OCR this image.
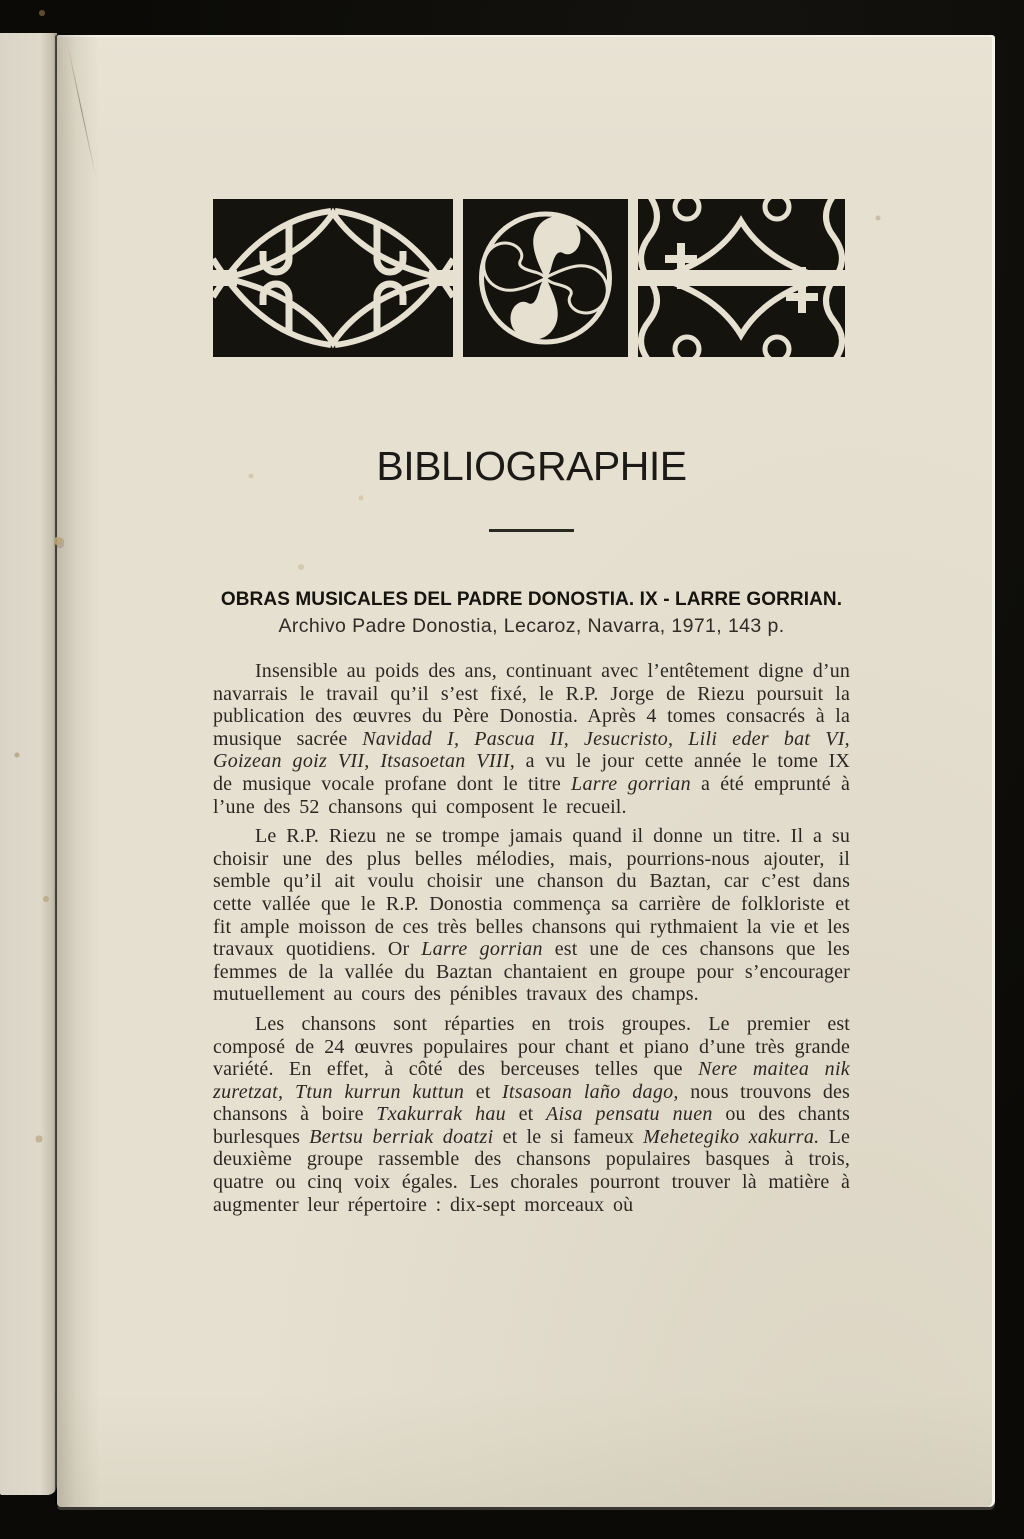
BIBLIOGRAPHIE
OBRAS MUSICALES DEL PADRE DONOSTIA. IX - LARRE GORRIAN.
Archivo Padre Donostia, Lecaroz, Navarra, 1971, 143 p.

Insensible au poids des ans, continuant avec l’entêtement digne d’un navarrais le travail qu’il s’est fixé, le R.P. Jorge de Riezu poursuit la publication des œuvres du Père Donostia. Après 4 tomes consacrés à la musique sacrée Navidad I, Pascua II, Jesucristo, Lili eder bat VI, Goizean goiz VII, Itsasoetan VIII, a vu le jour cette année le tome IX de musique vocale profane dont le titre Larre gorrian a été emprunté à l’une des 52 chansons qui composent le recueil.

Le R.P. Riezu ne se trompe jamais quand il donne un titre. Il a su choisir une des plus belles mélodies, mais, pourrions-nous ajouter, il semble qu’il ait voulu choisir une chanson du Baztan, car c’est dans cette vallée que le R.P. Donostia commença sa carrière de folkloriste et fit ample moisson de ces très belles chansons qui rythmaient la vie et les travaux quotidiens. Or Larre gorrian est une de ces chansons que les femmes de la vallée du Baztan chantaient en groupe pour s’encourager mutuellement au cours des pénibles travaux des champs.

Les chansons sont réparties en trois groupes. Le premier est composé de 24 œuvres populaires pour chant et piano d’une très grande variété. En effet, à côté des berceuses telles que Nere maitea nik zuretzat, Ttun kurrun kuttun et Itsasoan laño dago, nous trouvons des chansons à boire Txakurrak hau et Aisa pensatu nuen ou des chants burlesques Bertsu berriak doatzi et le si fameux Mehetegiko xakurra. Le deuxième groupe rassemble des chansons populaires basques à trois, quatre ou cinq voix égales. Les chorales pourront trouver là matière à augmenter leur répertoire : dix-sept morceaux où
